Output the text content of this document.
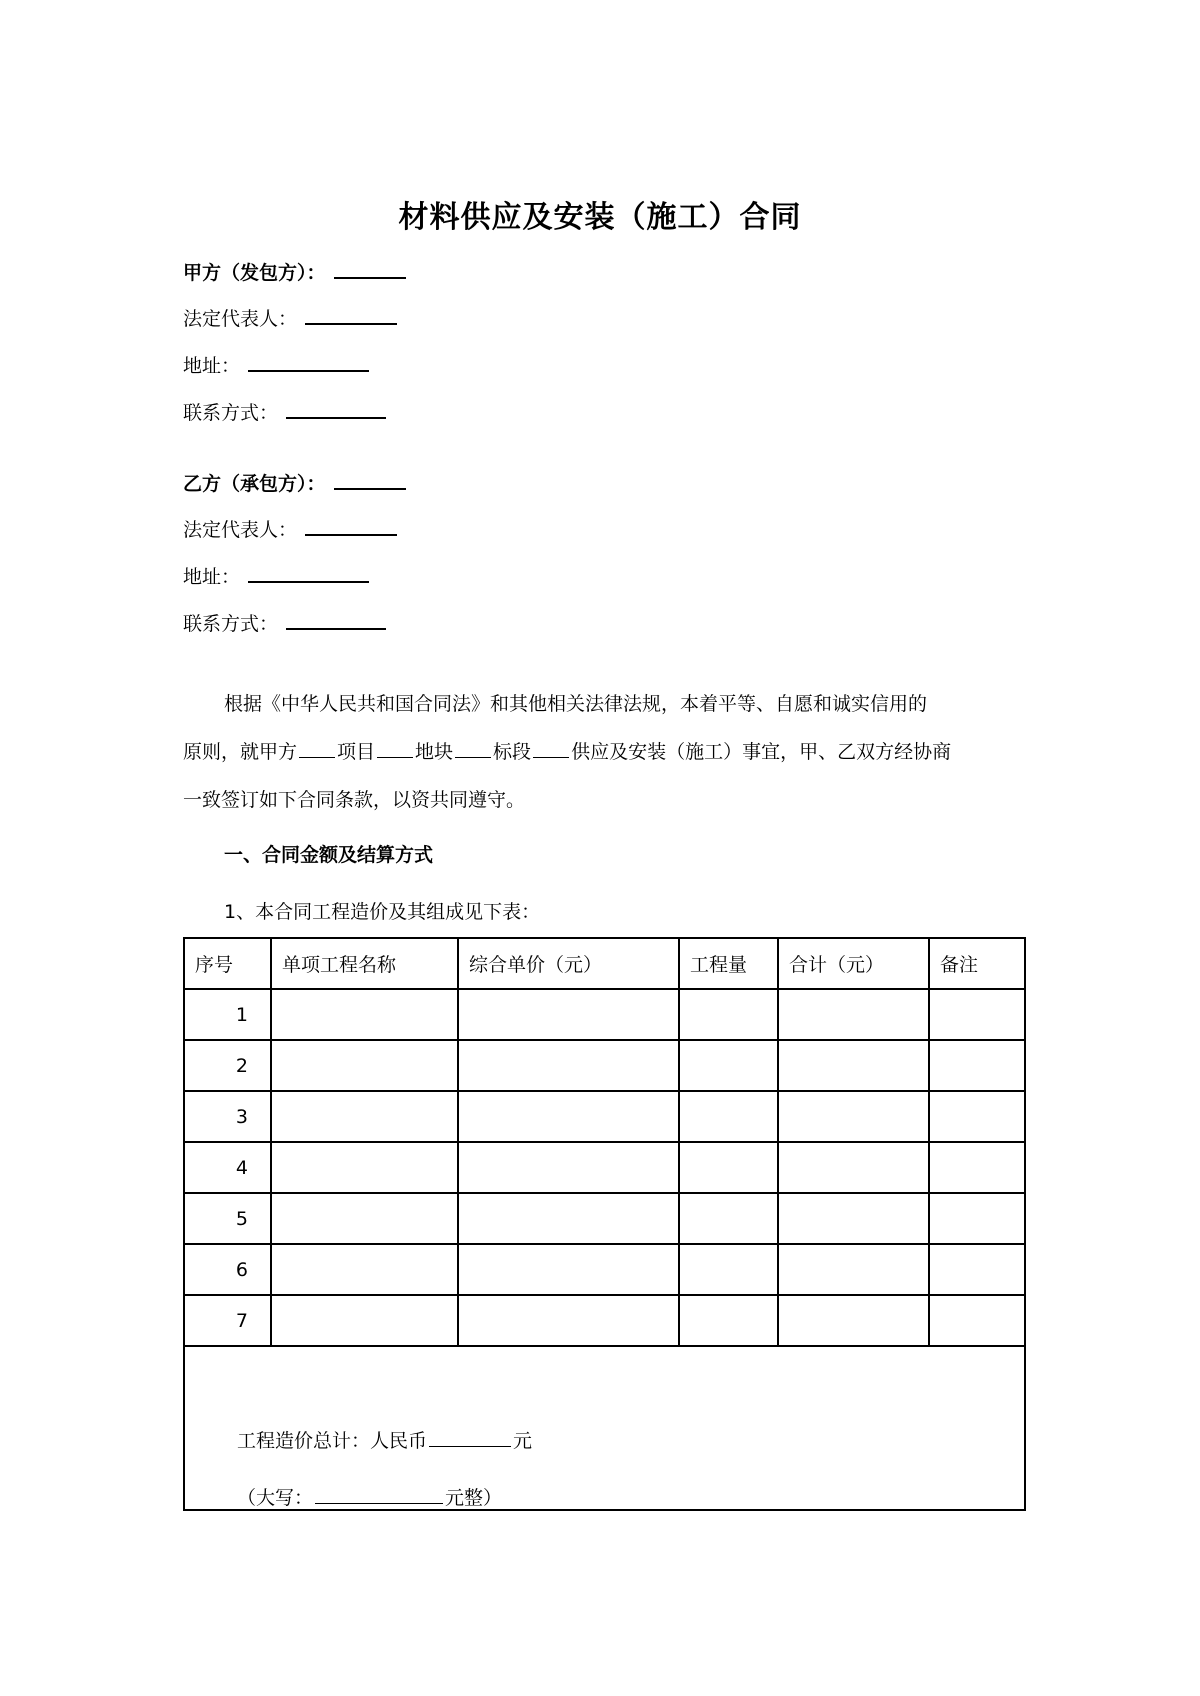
材料供应及安装（施工）合同
甲方（发包方）：
法定代表人：
地址：
联系方式：
乙方（承包方）：
法定代表人：
地址：
联系方式：
根据《中华人民共和国合同法》和其他相关法律法规，本着平等、自愿和诚实信用的
原则，就甲方 项目 地块 标段 供应及安装（施工）事宜，甲、乙双方经协商
一致签订如下合同条款，以资共同遵守。
一、合同金额及结算方式
1、本合同工程造价及其组成见下表：
序号	单项工程名称	综合单价（元）	工程量	合计（元）	备注
1					
2					
3					
4					
5					
6					
7					

工程造价总计：人民币 元
（大写： 元整）					
